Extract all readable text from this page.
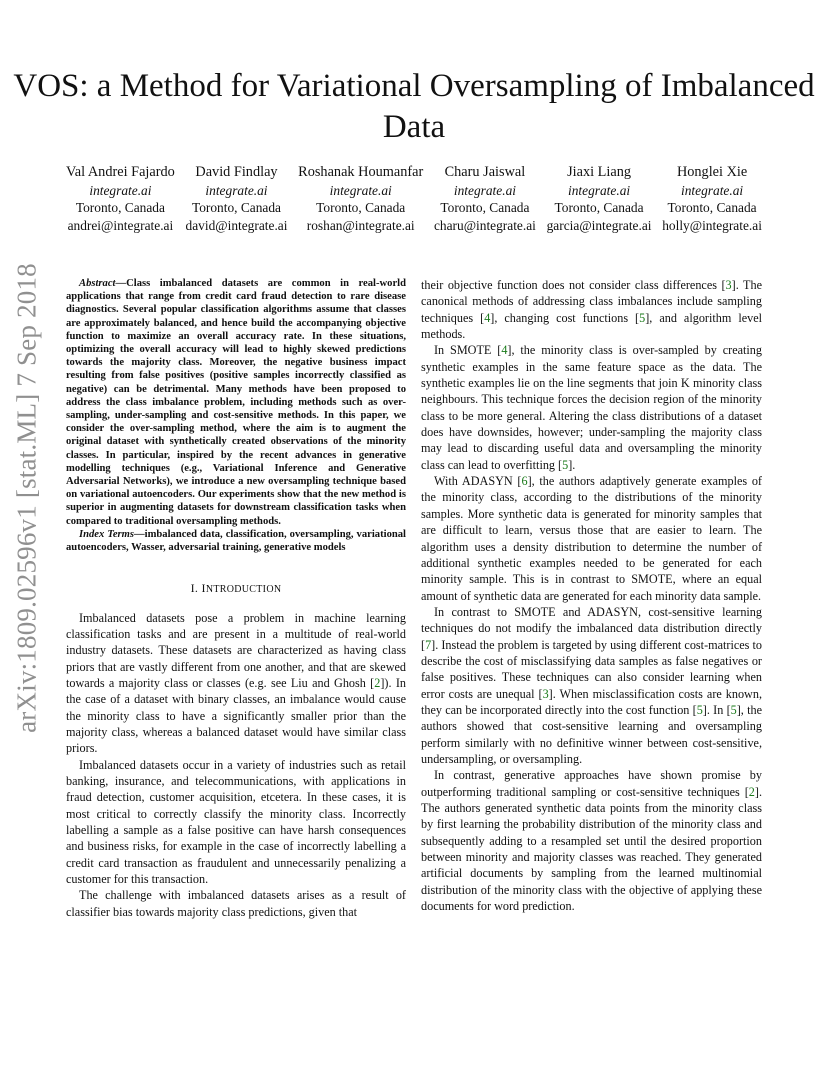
VOS: a Method for Variational Oversampling of Imbalanced Data
Val Andrei Fajardo
integrate.ai
Toronto, Canada
andrei@integrate.ai
David Findlay
integrate.ai
Toronto, Canada
david@integrate.ai
Roshanak Houmanfar
integrate.ai
Toronto, Canada
roshan@integrate.ai
Charu Jaiswal
integrate.ai
Toronto, Canada
charu@integrate.ai
Jiaxi Liang
integrate.ai
Toronto, Canada
garcia@integrate.ai
Honglei Xie
integrate.ai
Toronto, Canada
holly@integrate.ai
arXiv:1809.02596v1 [stat.ML] 7 Sep 2018	Abstract—Class imbalanced datasets are common in real-world applications that range from credit card fraud detection to rare disease diagnostics. Several popular classification algorithms assume that classes are approximately balanced, and hence build the accompanying objective function to maximize an overall accuracy rate. In these situations, optimizing the overall accuracy will lead to highly skewed predictions towards the majority class. Moreover, the negative business impact resulting from false positives (positive samples incorrectly classified as negative) can be detrimental. Many methods have been proposed to address the class imbalance problem, including methods such as over-sampling, under-sampling and cost-sensitive methods. In this paper, we consider the over-sampling method, where the aim is to augment the original dataset with synthetically created observations of the minority classes. In particular, inspired by the recent advances in generative modelling techniques (e.g., Variational Inference and Generative Adversarial Networks), we introduce a new oversampling technique based on variational autoencoders. Our experiments show that the new method is superior in augmenting datasets for downstream classification tasks when compared to traditional oversampling methods.

Index Terms—imbalanced data, classification, oversampling, variational autoencoders, Wasser, adversarial training, generative models

I. INTRODUCTION

Imbalanced datasets pose a problem in machine learning classification tasks and are present in a multitude of real-world industry datasets. These datasets are characterized as having class priors that are vastly different from one another, and that are skewed towards a majority class or classes (e.g. see Liu and Ghosh [2]). In the case of a dataset with binary classes, an imbalance would cause the minority class to have a significantly smaller prior than the majority class, whereas a balanced dataset would have similar class priors.

Imbalanced datasets occur in a variety of industries such as retail banking, insurance, and telecommunications, with applications in fraud detection, customer acquisition, etcetera. In these cases, it is most critical to correctly classify the minority class. Incorrectly labelling a sample as a false positive can have harsh consequences and business risks, for example in the case of incorrectly labelling a credit card transaction as fraudulent and unnecessarily penalizing a customer for this transaction.

The challenge with imbalanced datasets arises as a result of classifier bias towards majority class predictions, given that

their objective function does not consider class differences [3]. The canonical methods of addressing class imbalances include sampling techniques [4], changing cost functions [5], and algorithm level methods.

In SMOTE [4], the minority class is over-sampled by creating synthetic examples in the same feature space as the data. The synthetic examples lie on the line segments that join K minority class neighbours. This technique forces the decision region of the minority class to be more general. Altering the class distributions of a dataset does have downsides, however; under-sampling the majority class may lead to discarding useful data and oversampling the minority class can lead to overfitting [5].

With ADASYN [6], the authors adaptively generate examples of the minority class, according to the distributions of the minority samples. More synthetic data is generated for minority samples that are difficult to learn, versus those that are easier to learn. The algorithm uses a density distribution to determine the number of additional synthetic examples needed to be generated for each minority sample. This is in contrast to SMOTE, where an equal amount of synthetic data are generated for each minority data sample.

In contrast to SMOTE and ADASYN, cost-sensitive learning techniques do not modify the imbalanced data distribution directly [7]. Instead the problem is targeted by using different cost-matrices to describe the cost of misclassifying data samples as false negatives or false positives. These techniques can also consider learning when error costs are unequal [3]. When misclassification costs are known, they can be incorporated directly into the cost function [5]. In [5], the authors showed that cost-sensitive learning and oversampling perform similarly with no definitive winner between cost-sensitive, undersampling, or oversampling.

In contrast, generative approaches have shown promise by outperforming traditional sampling or cost-sensitive techniques [2]. The authors generated synthetic data points from the minority class by first learning the probability distribution of the minority class and subsequently adding to a resampled set until the desired proportion between minority and majority classes was reached. They generated artificial documents by sampling from the learned multinomial distribution of the minority class with the objective of applying these documents for word prediction.
